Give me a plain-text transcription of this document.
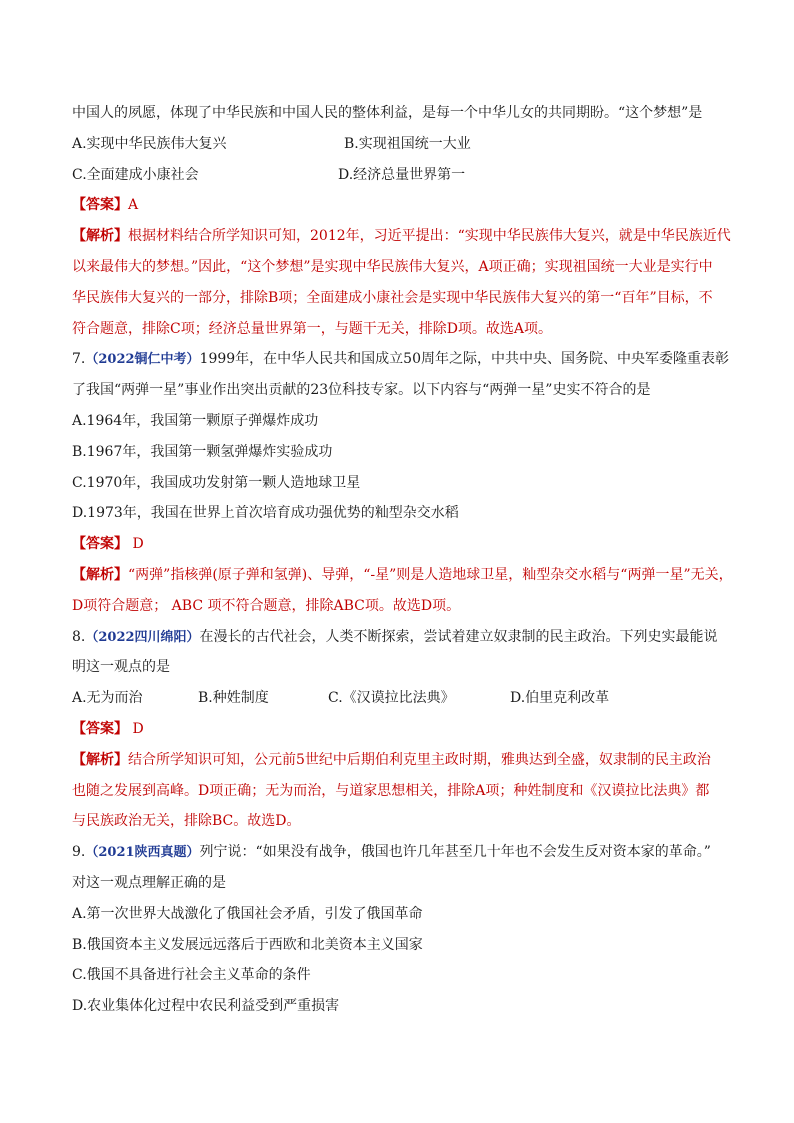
中国人的夙愿，体现了中华民族和中国人民的整体利益，是每一个中华儿女的共同期盼。“这个梦想”是
A.实现中华民族伟大复兴	B.实现祖国统一大业
C.全面建成小康社会	D.经济总量世界第一
【答案】A
【解析】根据材料结合所学知识可知，2012年，习近平提出：“实现中华民族伟大复兴，就是中华民族近代
以来最伟大的梦想。”因此，“这个梦想”是实现中华民族伟大复兴，A项正确；实现祖国统一大业是实行中
华民族伟大复兴的一部分，排除B项；全面建成小康社会是实现中华民族伟大复兴的第一“百年”目标，不
符合题意，排除C项；经济总量世界第一，与题干无关，排除D项。故选A项。
7.（2022铜仁中考）1999年，在中华人民共和国成立50周年之际，中共中央、国务院、中央军委隆重表彰
了我国“两弹一星”事业作出突出贡献的23位科技专家。以下内容与“两弹一星”史实不符合的是
A.1964年，我国第一颗原子弹爆炸成功
B.1967年，我国第一颗氢弹爆炸实验成功
C.1970年，我国成功发射第一颗人造地球卫星
D.1973年，我国在世界上首次培育成功强优势的籼型杂交水稻
【答案】 D
【解析】“两弹”指核弹(原子弹和氢弹)、导弹，“-星”则是人造地球卫星，籼型杂交水稻与“两弹一星”无关，
D项符合题意； ABC 项不符合题意，排除ABC项。故选D项。
8.（2022四川绵阳）在漫长的古代社会，人类不断探索，尝试着建立奴隶制的民主政治。下列史实最能说
明这一观点的是
A.无为而治	B.种姓制度	C.《汉谟拉比法典》	D.伯里克利改革
【答案】 D
【解析】结合所学知识可知，公元前5世纪中后期伯利克里主政时期，雅典达到全盛，奴隶制的民主政治
也随之发展到高峰。D项正确；无为而治，与道家思想相关，排除A项；种姓制度和《汉谟拉比法典》都
与民族政治无关，排除BC。故选D。
9.（2021陕西真题）列宁说：“如果没有战争，俄国也许几年甚至几十年也不会发生反对资本家的革命。”
对这一观点理解正确的是
A.第一次世界大战激化了俄国社会矛盾，引发了俄国革命
B.俄国资本主义发展远远落后于西欧和北美资本主义国家
C.俄国不具备进行社会主义革命的条件
D.农业集体化过程中农民利益受到严重损害
